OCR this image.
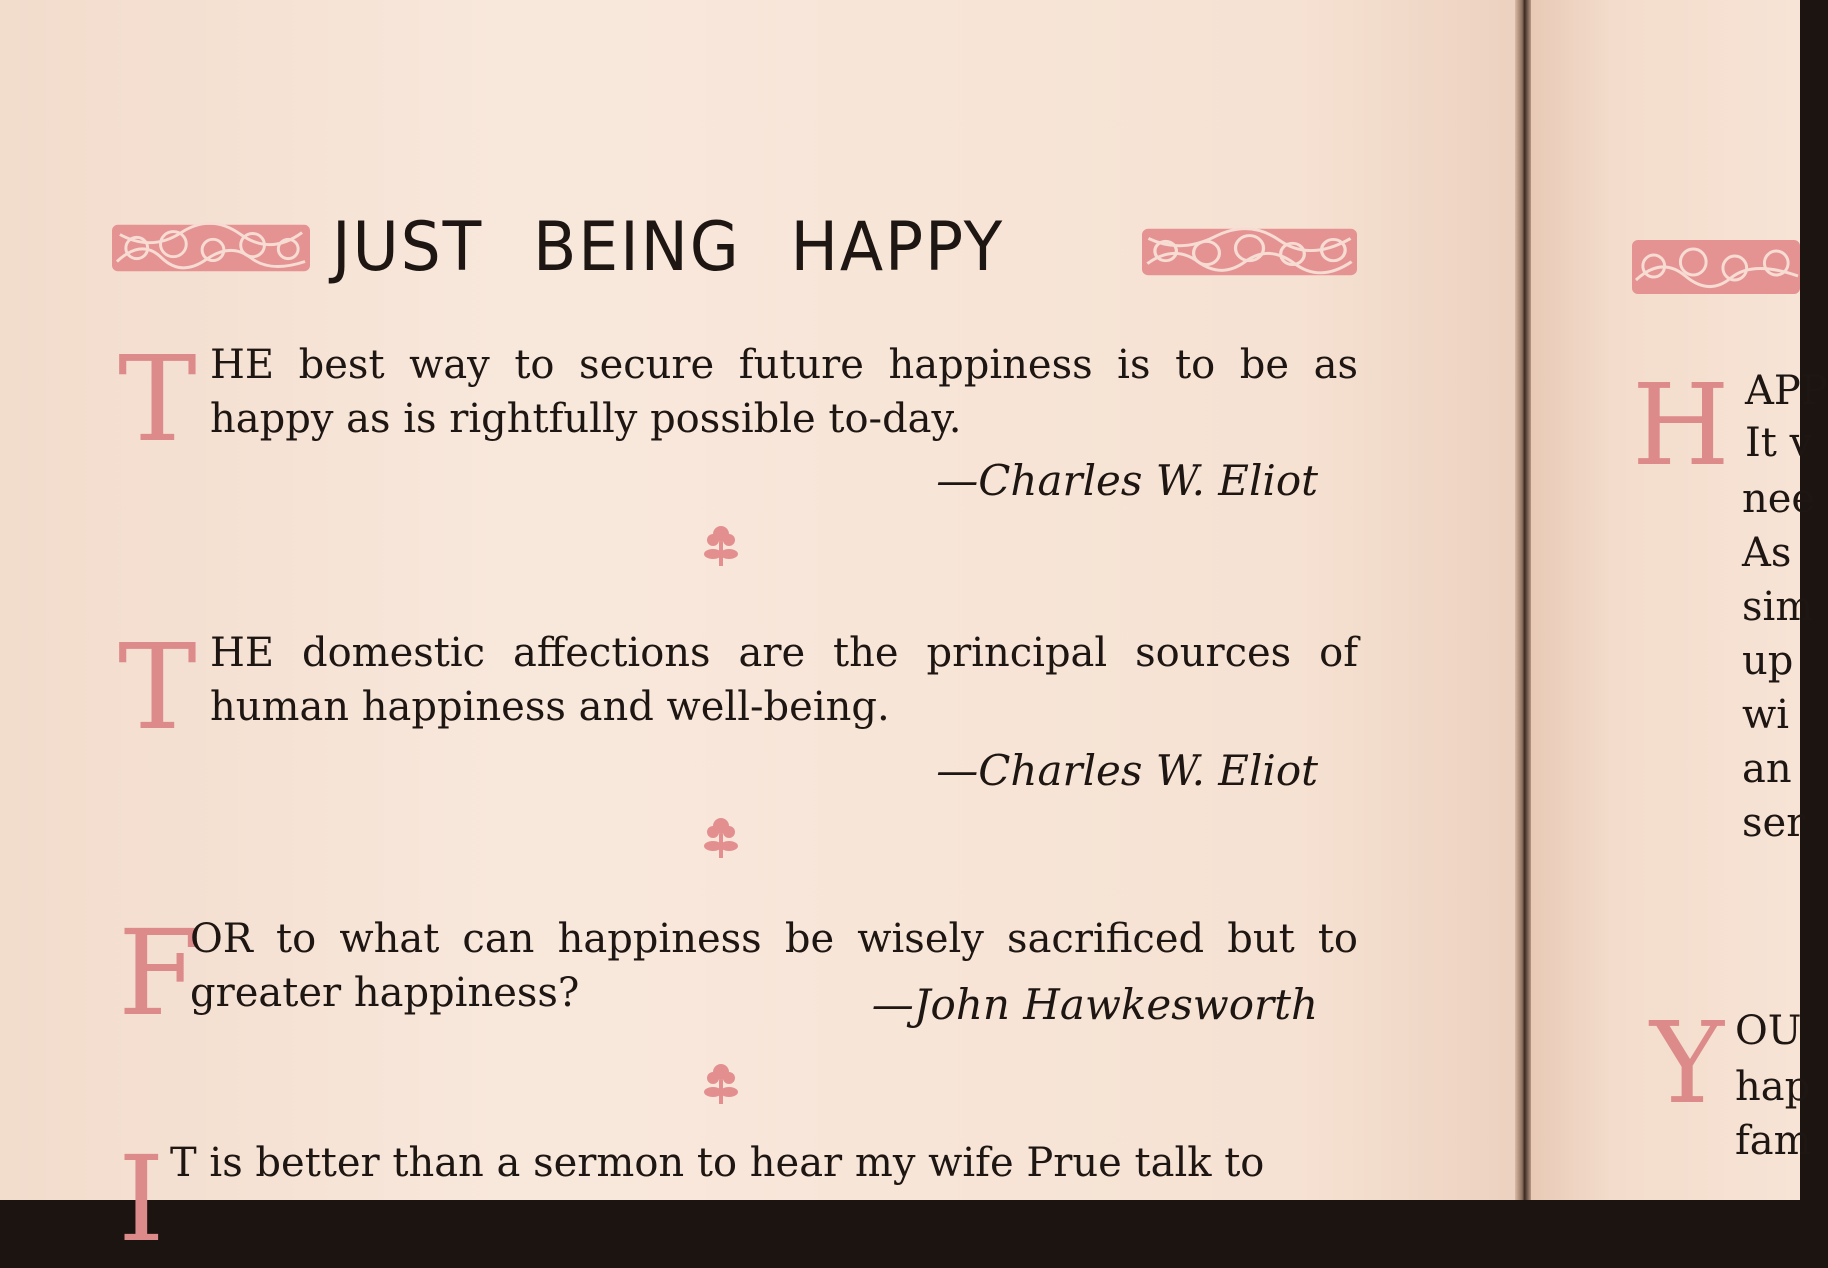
JUST BEING HAPPY
T HE best way to secure future happiness is to be as happy as is rightfully possible to-day.
—Charles W. Eliot
T HE domestic affections are the principal sources of human happiness and well-being.
—Charles W. Eliot
F
OR to what can happiness be wisely sacrificed but to greater happiness?	—John Hawkesworth
I T is better than a sermon to hear my wife Prue talk to
H APP
It v
nee
As
sim
up
wi
an
ser
Y OU
hap
fam
